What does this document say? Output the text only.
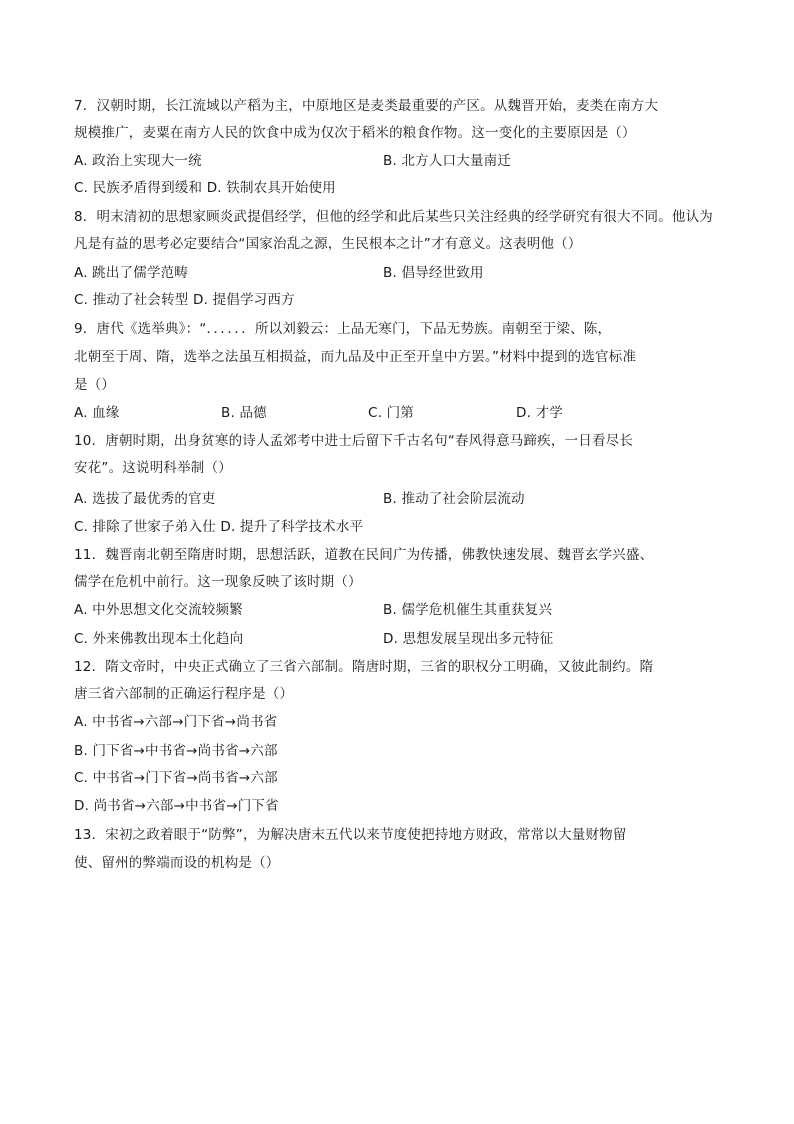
7．汉朝时期，长江流域以产稻为主，中原地区是麦类最重要的产区。从魏晋开始，麦类在南方大
规模推广，麦粟在南方人民的饮食中成为仅次于稻米的粮食作物。这一变化的主要原因是（）
A. 政治上实现大一统	B. 北方人口大量南迁
C. 民族矛盾得到缓和 D. 铁制农具开始使用
8．明末清初的思想家顾炎武提倡经学，但他的经学和此后某些只关注经典的经学研究有很大不同。他认为
凡是有益的思考必定要结合“国家治乱之源，生民根本之计”才有意义。这表明他（）
A. 跳出了儒学范畴	B. 倡导经世致用
C. 推动了社会转型 D. 提倡学习西方
9．唐代《选举典》：“．．．．．．所以刘毅云：上品无寒门，下品无势族。南朝至于梁、陈，
北朝至于周、隋，选举之法虽互相损益，而九品及中正至开皇中方罢。”材料中提到的选官标准
是（）
A. 血缘	B. 品德	C. 门第	D. 才学
10．唐朝时期，出身贫寒的诗人孟郊考中进士后留下千古名句“春风得意马蹄疾，一日看尽长
安花”。这说明科举制（）
A. 选拔了最优秀的官吏	B. 推动了社会阶层流动
C. 排除了世家子弟入仕 D. 提升了科学技术水平
11．魏晋南北朝至隋唐时期，思想活跃，道教在民间广为传播，佛教快速发展、魏晋玄学兴盛、
儒学在危机中前行。这一现象反映了该时期（）
A. 中外思想文化交流较频繁	B. 儒学危机催生其重获复兴
C. 外来佛教出现本土化趋向	D. 思想发展呈现出多元特征
12．隋文帝时，中央正式确立了三省六部制。隋唐时期，三省的职权分工明确，又彼此制约。隋
唐三省六部制的正确运行程序是（）
A. 中书省→六部→门下省→尚书省
B. 门下省→中书省→尚书省→六部
C. 中书省→门下省→尚书省→六部
D. 尚书省→六部→中书省→门下省
13．宋初之政着眼于“防弊”，为解决唐末五代以来节度使把持地方财政，常常以大量财物留
使、留州的弊端而设的机构是（）
